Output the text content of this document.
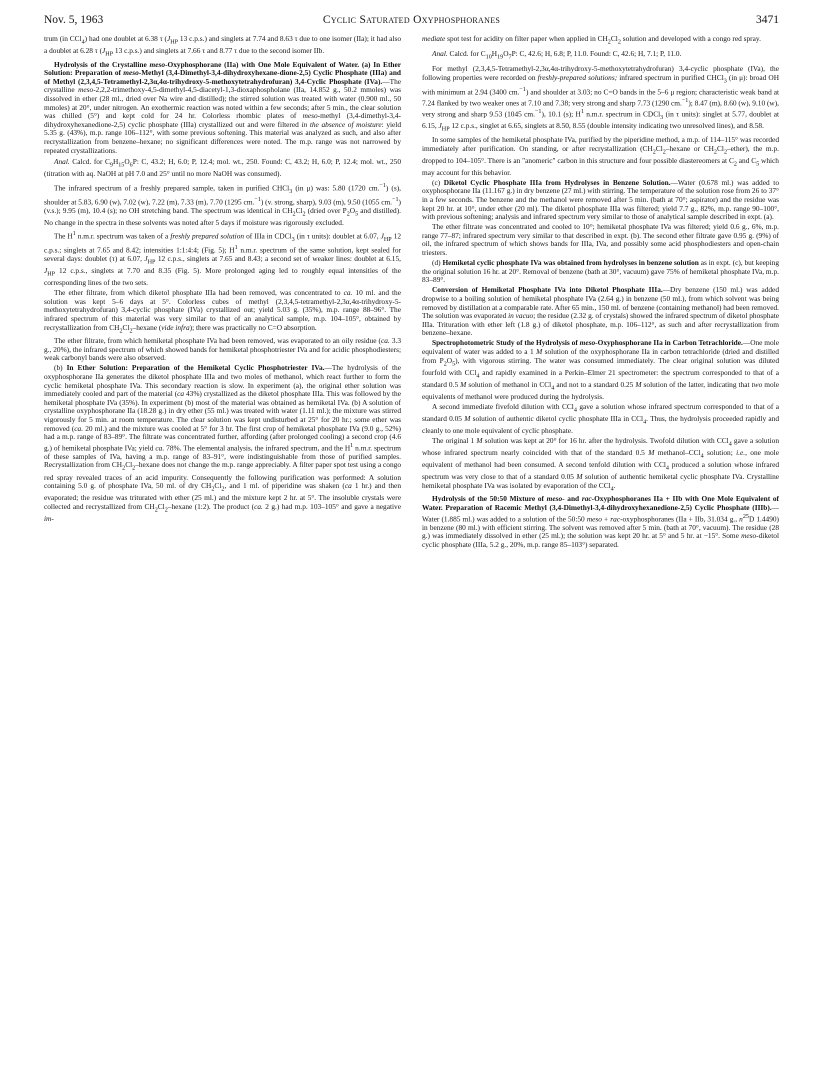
Nov. 5, 1963	Cyclic Saturated Oxyphosphoranes	3471

trum (in CCl$_4$) had one doublet at 6.38 τ ($J_{HP}$ 13 c.p.s.) and singlets at 7.74 and 8.63 τ due to one isomer (IIa); it had also a doublet at 6.28 τ ($J_{HP}$ 13 c.p.s.) and singlets at 7.66 τ and 8.77 τ due to the second isomer IIb.

Hydrolysis of the Crystalline meso-Oxyphosphorane (IIa) with One Mole Equivalent of Water. (a) In Ether Solution: Preparation of meso-Methyl (3,4-Dimethyl-3,4-dihydroxyhexane-dione-2,5) Cyclic Phosphate (IIIa) and of Methyl (2,3,4,5-Tetramethyl-2,3α,4α-trihydroxy-5-methoxytetrahydrofuran) 3,4-Cyclic Phosphate (IVa).—The crystalline meso-2,2,2-trimethoxy-4,5-dimethyl-4,5-diacetyl-1,3-dioxaphospholane (IIa, 14.852 g., 50.2 mmoles) was dissolved in ether (28 ml., dried over Na wire and distilled); the stirred solution was treated with water (0.900 ml., 50 mmoles) at 20°, under nitrogen. An exothermic reaction was noted within a few seconds; after 5 min., the clear solution was chilled (5°) and kept cold for 24 hr. Colorless rhombic plates of meso-methyl (3,4-dimethyl-3,4-dihydroxyhexanedione-2,5) cyclic phosphate (IIIa) crystallized out and were filtered in the absence of moisture: yield 5.35 g. (43%), m.p. range 106–112°, with some previous softening. This material was analyzed as such, and also after recrystallization from benzene–hexane; no significant differences were noted. The m.p. range was not narrowed by repeated crystallizations.

Anal. Calcd. for $C_9H_{15}O_6P$: C, 43.2; H, 6.0; P, 12.4; mol. wt., 250. Found: C, 43.2; H, 6.0; P, 12.4; mol. wt., 250 (titration with aq. NaOH at pH 7.0 and 25° until no more NaOH was consumed).

The infrared spectrum of a freshly prepared sample, taken in purified CHCl$_3$ (in μ) was: 5.80 (1720 cm.$^{-1}$) (s), shoulder at 5.83, 6.90 (w), 7.02 (w), 7.22 (m), 7.33 (m), 7.70 (1295 cm.$^{-1}$) (v. strong, sharp), 9.03 (m), 9.50 (1055 cm.$^{-1}$) (v.s.); 9.95 (m), 10.4 (s); no OH stretching band. The spectrum was identical in $CH_2Cl_2$ (dried over $P_2O_5$ and distilled). No change in the spectra in these solvents was noted after 5 days if moisture was rigorously excluded.

The $H^1$ n.m.r. spectrum was taken of a freshly prepared solution of IIIa in CDCl$_3$ (in τ units): doublet at 6.07, $J_{HP}$ 12 c.p.s.; singlets at 7.65 and 8.42; intensities 1:1:4:4; (Fig. 5); $H^1$ n.m.r. spectrum of the same solution, kept sealed for several days: doublet (τ) at 6.07, $J_{HP}$ 12 c.p.s., singlets at 7.65 and 8.43; a second set of weaker lines: doublet at 6.15, $J_{HP}$ 12 c.p.s., singlets at 7.70 and 8.35 (Fig. 5). More prolonged aging led to roughly equal intensities of the corresponding lines of the two sets.

The ether filtrate, from which diketol phosphate IIIa had been removed, was concentrated to ca. 10 ml. and the solution was kept 5–6 days at 5°. Colorless cubes of methyl (2,3,4,5-tetramethyl-2,3α,4α-trihydroxy-5-methoxytetrahydrofuran) 3,4-cyclic phosphate (IVa) crystallized out; yield 5.03 g. (35%), m.p. range 88–96°. The infrared spectrum of this material was very similar to that of an analytical sample, m.p. 104–105°, obtained by recrystallization from $CH_2Cl_2$–hexane (vide infra); there was practically no C=O absorption.

The ether filtrate, from which hemiketal phosphate IVa had been removed, was evaporated to an oily residue (ca. 3.3 g., 20%), the infrared spectrum of which showed bands for hemiketal phosphotriester IVa and for acidic phosphodiesters; weak carbonyl bands were also observed.

(b) In Ether Solution: Preparation of the Hemiketal Cyclic Phosphotriester IVa.—The hydrolysis of the oxyphosphorane IIa generates the diketol phosphate IIIa and two moles of methanol, which react further to form the cyclic hemiketal phosphate IVa. This secondary reaction is slow. In experiment (a), the original ether solution was immediately cooled and part of the material (ca 43%) crystallized as the diketol phosphate IIIa. This was followed by the hemiketal phosphate IVa (35%). In experiment (b) most of the material was obtained as hemiketal IVa. (b) A solution of crystalline oxyphosphorane IIa (18.28 g.) in dry ether (55 ml.) was treated with water (1.11 ml.); the mixture was stirred vigorously for 5 min. at room temperature. The clear solution was kept undisturbed at 25° for 20 hr.; some ether was removed (ca. 20 ml.) and the mixture was cooled at 5° for 3 hr. The first crop of hemiketal phosphate IVa (9.0 g., 52%) had a m.p. range of 83–89°. The filtrate was concentrated further, affording (after prolonged cooling) a second crop (4.6 g.) of hemiketal phosphate IVa; yield ca. 78%. The elemental analysis, the infrared spectrum, and the $H^1$ n.m.r. spectrum of these samples of IVa, having a m.p. range of 83–91°, were indistinguishable from those of purified samples. Recrystallization from $CH_2Cl_2$–hexane does not change the m.p. range appreciably. A filter paper spot test using a congo red spray revealed traces of an acid impurity. Consequently the following purification was performed: A solution containing 5.0 g. of phosphate IVa, 50 ml. of dry $CH_2Cl_2$, and 1 ml. of piperidine was shaken (ca 1 hr.) and then evaporated; the residue was triturated with ether (25 ml.) and the mixture kept 2 hr. at 5°. The insoluble crystals were collected and recrystallized from $CH_2Cl_2$–hexane (1:2). The product (ca. 2 g.) had m.p. 103–105° and gave a negative im-

mediate spot test for acidity on filter paper when applied in $CH_2Cl_2$ solution and developed with a congo red spray.

Anal. Calcd. for $C_{10}H_{19}O_7P$: C, 42.6; H, 6.8; P, 11.0. Found: C, 42.6; H, 7.1; P, 11.0.

For methyl (2,3,4,5-Tetramethyl-2,3α,4α-trihydroxy-5-methoxytetrahydrofuran) 3,4-cyclic phosphate (IVa), the following properties were recorded on freshly-prepared solutions; infrared spectrum in purified CHCl$_3$ (in μ): broad OH with minimum at 2.94 (3400 cm.$^{-1}$) and shoulder at 3.03; no C=O bands in the 5–6 μ region; characteristic weak band at 7.24 flanked by two weaker ones at 7.10 and 7.38; very strong and sharp 7.73 (1290 cm.$^{-1}$); 8.47 (m), 8.60 (w), 9.10 (w), very strong and sharp 9.53 (1045 cm.$^{-1}$), 10.1 (s); $H^1$ n.m.r. spectrum in CDCl$_3$ (in τ units): singlet at 5.77, doublet at 6.15, $J_{HP}$ 12 c.p.s., singlet at 6.65, singlets at 8.50, 8.55 (double intensity indicating two unresolved lines), and 8.58.

In some samples of the hemiketal phosphate IVa, purified by the piperidine method, a m.p. of 114–115° was recorded immediately after purification. On standing, or after recrystallization ($CH_2Cl_2$–hexane or $CH_2Cl_2-ether$), the m.p. dropped to 104–105°. There is an "anomeric" carbon in this structure and four possible diastereomers at $C_2$ and $C_5$ which may account for this behavior.

(c) Diketol Cyclic Phosphate IIIa from Hydrolyses in Benzene Solution.—Water (0.678 ml.) was added to oxyphosphorane IIa (11.167 g.) in dry benzene (27 ml.) with stirring. The temperature of the solution rose from 26 to 37° in a few seconds. The benzene and the methanol were removed after 5 min. (bath at 70°; aspirator) and the residue was kept 20 hr. at 10°, under ether (20 ml). The diketol phosphate IIIa was filtered; yield 7.7 g., 82%, m.p. range 90–100°, with previous softening; analysis and infrared spectrum very similar to those of analytical sample described in expt. (a).

The ether filtrate was concentrated and cooled to 10°; hemiketal phosphate IVa was filtered; yield 0.6 g., 6%, m.p. range 77–87; infrared spectrum very similar to that described in expt. (b). The second ether filtrate gave 0.95 g. (9%) of oil, the infrared spectrum of which shows bands for IIIa, IVa, and possibly some acid phosphodiesters and open-chain triesters.

(d) Hemiketal cyclic phosphate IVa was obtained from hydrolyses in benzene solution as in expt. (c), but keeping the original solution 16 hr. at 20°. Removal of benzene (bath at 30°, vacuum) gave 75% of hemiketal phosphate IVa, m.p. 83–89°.

Conversion of Hemiketal Phosphate IVa into Diketol Phosphate IIIa.—Dry benzene (150 ml.) was added dropwise to a boiling solution of hemiketal phosphate IVa (2.64 g.) in benzene (50 ml.), from which solvent was being removed by distillation at a comparable rate. After 65 min., 150 ml. of benzene (containing methanol) had been removed. The solution was evaporated in vacuo; the residue (2.32 g. of crystals) showed the infrared spectrum of diketol phosphate IIIa. Trituration with ether left (1.8 g.) of diketol phosphate, m.p. 106–112°, as such and after recrystallization from benzene–hexane.

Spectrophotometric Study of the Hydrolysis of meso-Oxyphosphorane IIa in Carbon Tetrachloride.—One mole equivalent of water was added to a 1 M solution of the oxyphosphorane IIa in carbon tetrachloride (dried and distilled from $P_2O_5$), with vigorous stirring. The water was consumed immediately. The clear original solution was diluted fourfold with CCl$_4$ and rapidly examined in a Perkin–Elmer 21 spectrometer: the spectrum corresponded to that of a standard 0.5 M solution of methanol in CCl$_4$ and not to a standard 0.25 M solution of the latter, indicating that two mole equivalents of methanol were produced during the hydrolysis.

A second immediate fivefold dilution with CCl$_4$ gave a solution whose infrared spectrum corresponded to that of a standard 0.05 M solution of authentic diketol cyclic phosphate IIIa in CCl$_4$. Thus, the hydrolysis proceeded rapidly and cleanly to one mole equivalent of cyclic phosphate.

The original 1 M solution was kept at 20° for 16 hr. after the hydrolysis. Twofold dilution with CCl$_4$ gave a solution whose infrared spectrum nearly coincided with that of the standard 0.5 M methanol–CCl$_4$ solution; i.e., one mole equivalent of methanol had been consumed. A second tenfold dilution with CCl$_4$ produced a solution whose infrared spectrum was very close to that of a standard 0.05 M solution of authentic hemiketal cyclic phosphate IVa. Crystalline hemiketal phosphate IVa was isolated by evaporation of the CCl$_4$.

Hydrolysis of the 50:50 Mixture of meso- and rac-Oxyphosphoranes IIa + IIb with One Mole Equivalent of Water. Preparation of Racemic Methyl (3,4-Dimethyl-3,4-dihydroxyhexanedione-2,5) Cyclic Phosphate (IIIb).—Water (1.885 ml.) was added to a solution of the 50:50 meso + rac-oxyphosphoranes (IIa + IIb, 31.034 g., $n^{25}D$ 1.4490) in benzene (80 ml.) with efficient stirring. The solvent was removed after 5 min. (bath at 70°, vacuum). The residue (28 g.) was immediately dissolved in ether (25 ml.); the solution was kept 20 hr. at 5° and 5 hr. at −15°. Some meso-diketol cyclic phosphate (IIIa, 5.2 g., 20%, m.p. range 85–103°) separated.
